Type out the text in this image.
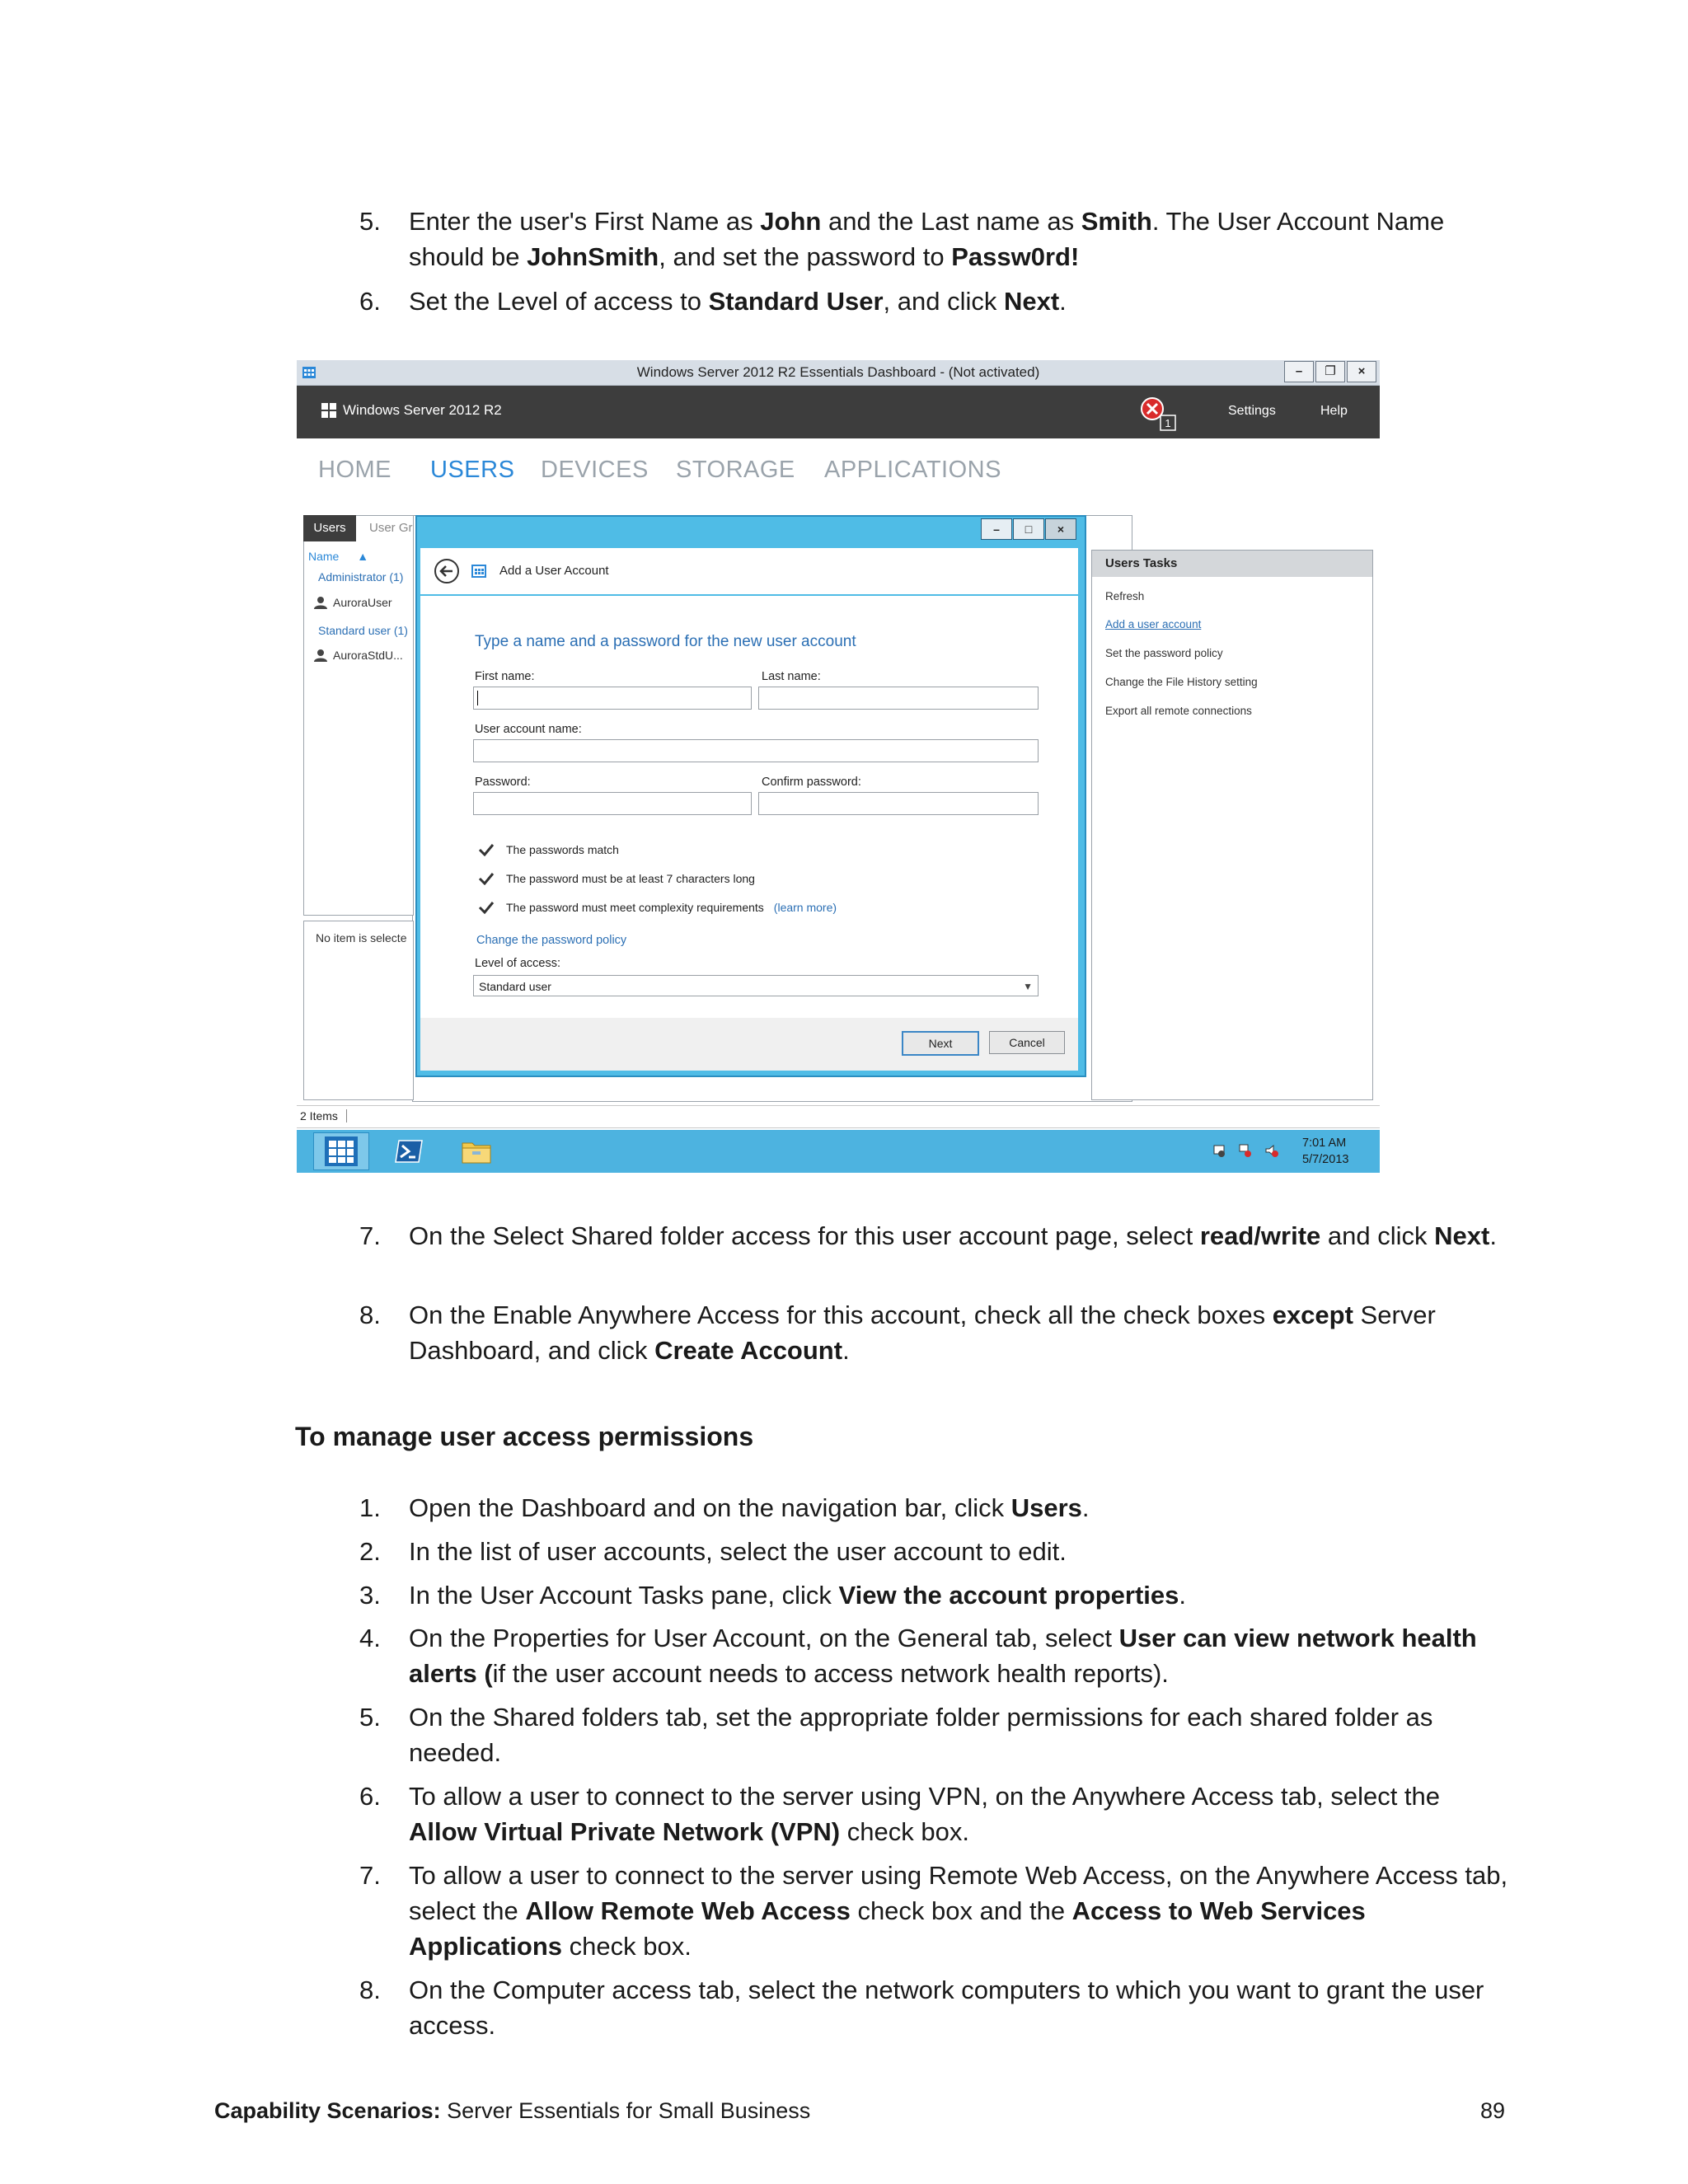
5.	Enter the user's First Name as John and the Last name as Smith. The User Account Name should be JohnSmith, and set the password to Passw0rd!
6.	Set the Level of access to Standard User, and click Next.
Windows Server 2012 R2 Essentials Dashboard - (Not activated)	–	❐	×
Windows Server 2012 R2
1
Settings	Help
HOME USERS DEVICES STORAGE APPLICATIONS
Users	User Gr
Name ▲
Administrator (1)
AuroraUser
Standard user (1)
AuroraStdU...
No item is selecte
Users Tasks
Refresh
Add a user account
Set the password policy
Change the File History setting
Export all remote connections
–	□	×
Add a User Account
Type a name and a password for the new user account
First name:	Last name:
User account name:
Password:	Confirm password:
The passwords match
The password must be at least 7 characters long
The password must meet complexity requirements (learn more)
Change the password policy
Level of access:
Standard user	▼
Next	Cancel
2 Items
7:01 AM
5/7/2013
7.	On the Select Shared folder access for this user account page, select read/write and click Next.
8.	On the Enable Anywhere Access for this account, check all the check boxes except Server Dashboard, and click Create Account.
To manage user access permissions
1.	Open the Dashboard and on the navigation bar, click Users.
2.	In the list of user accounts, select the user account to edit.
3.	In the User Account Tasks pane, click View the account properties.
4.	On the Properties for User Account, on the General tab, select User can view network health alerts (if the user account needs to access network health reports).
5.	On the Shared folders tab, set the appropriate folder permissions for each shared folder as needed.
6.	To allow a user to connect to the server using VPN, on the Anywhere Access tab, select the Allow Virtual Private Network (VPN) check box.
7.	To allow a user to connect to the server using Remote Web Access, on the Anywhere Access tab, select the Allow Remote Web Access check box and the Access to Web Services Applications check box.
8.	On the Computer access tab, select the network computers to which you want to grant the user access.
Capability Scenarios: Server Essentials for Small Business	89
